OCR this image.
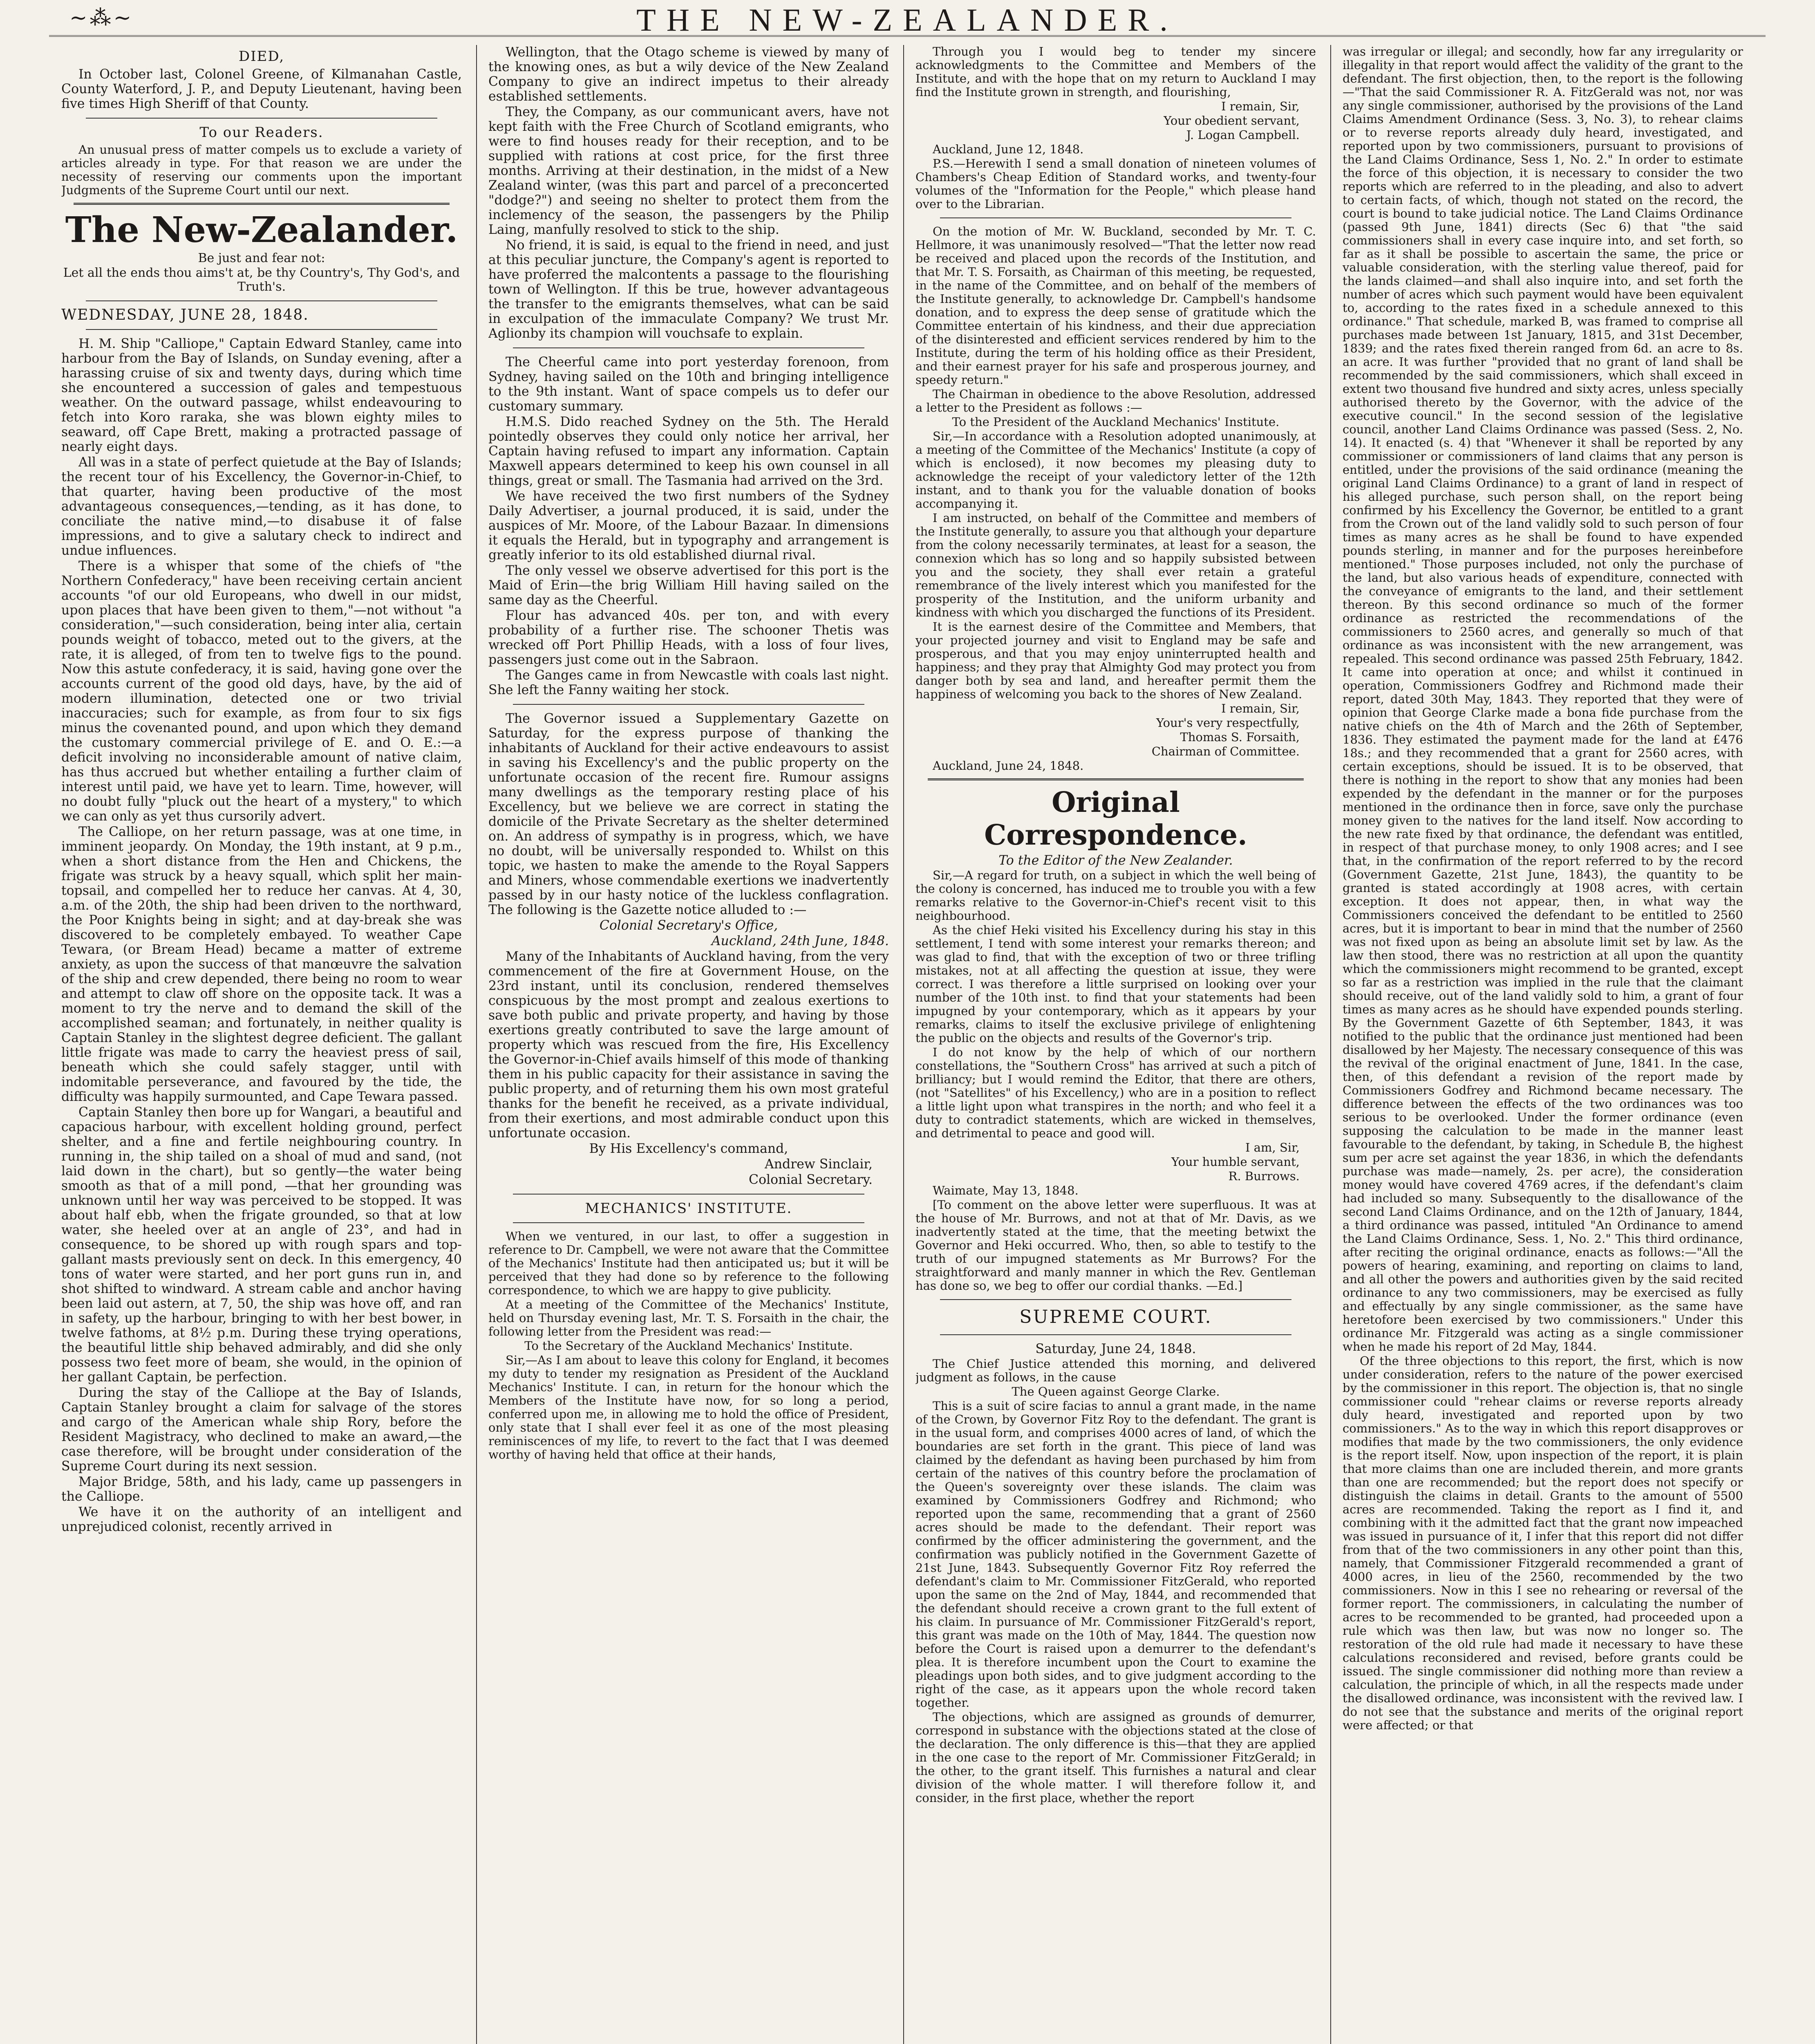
~⁂~	THE NEW-ZEALANDER.

DIED,

In October last, Colonel Greene, of Kilmanahan Castle, County Waterford, J. P., and Deputy Lieutenant, having been five times High Sheriff of that County.

To our Readers.

An unusual press of matter compels us to exclude a variety of articles already in type. For that reason we are under the necessity of reserving our comments upon the important Judgments of the Supreme Court until our next.

The New-Zealander.

Be just and fear not:

Let all the ends thou aims't at, be thy Country's, Thy God's, and Truth's.

WEDNESDAY, JUNE 28, 1848.

H. M. Ship "Calliope," Captain Edward Stanley, came into harbour from the Bay of Islands, on Sunday evening, after a harassing cruise of six and twenty days, during which time she encountered a succession of gales and tempestuous weather. On the outward passage, whilst endeavouring to fetch into Koro raraka, she was blown eighty miles to seaward, off Cape Brett, making a protracted passage of nearly eight days.

All was in a state of perfect quietude at the Bay of Islands; the recent tour of his Excellency, the Governor-in-Chief, to that quarter, having been productive of the most advantageous consequences,—tending, as it has done, to conciliate the native mind,—to disabuse it of false impressions, and to give a salutary check to indirect and undue influences.

There is a whisper that some of the chiefs of "the Northern Confederacy," have been receiving certain ancient accounts "of our old Europeans, who dwell in our midst, upon places that have been given to them,"—not without "a consideration,"—such consideration, being inter alia, certain pounds weight of tobacco, meted out to the givers, at the rate, it is alleged, of from ten to twelve figs to the pound. Now this astute confederacy, it is said, having gone over the accounts current of the good old days, have, by the aid of modern illumination, detected one or two trivial inaccuracies; such for example, as from four to six figs minus the covenanted pound, and upon which they demand the customary commercial privilege of E. and O. E.:—a deficit involving no inconsiderable amount of native claim, has thus accrued but whether entailing a further claim of interest until paid, we have yet to learn. Time, however, will no doubt fully "pluck out the heart of a mystery," to which we can only as yet thus cursorily advert.

The Calliope, on her return passage, was at one time, in imminent jeopardy. On Monday, the 19th instant, at 9 p.m., when a short distance from the Hen and Chickens, the frigate was struck by a heavy squall, which split her main-topsail, and compelled her to reduce her canvas. At 4, 30, a.m. of the 20th, the ship had been driven to the northward, the Poor Knights being in sight; and at day-break she was discovered to be completely embayed. To weather Cape Tewara, (or Bream Head) became a matter of extreme anxiety, as upon the success of that manœuvre the salvation of the ship and crew depended, there being no room to wear and attempt to claw off shore on the opposite tack. It was a moment to try the nerve and to demand the skill of the accomplished seaman; and fortunately, in neither quality is Captain Stanley in the slightest degree deficient. The gallant little frigate was made to carry the heaviest press of sail, beneath which she could safely stagger, until with indomitable perseverance, and favoured by the tide, the difficulty was happily surmounted, and Cape Tewara passed.

Captain Stanley then bore up for Wangari, a beautiful and capacious harbour, with excellent holding ground, perfect shelter, and a fine and fertile neighbouring country. In running in, the ship tailed on a shoal of mud and sand, (not laid down in the chart), but so gently—the water being smooth as that of a mill pond, —that her grounding was unknown until her way was perceived to be stopped. It was about half ebb, when the frigate grounded, so that at low water, she heeled over at an angle of 23°, and had in consequence, to be shored up with rough spars and top-gallant masts previously sent on deck. In this emergency, 40 tons of water were started, and her port guns run in, and shot shifted to windward. A stream cable and anchor having been laid out astern, at 7, 50, the ship was hove off, and ran in safety, up the harbour, bringing to with her best bower, in twelve fathoms, at 8½ p.m. During these trying operations, the beautiful little ship behaved admirably, and did she only possess two feet more of beam, she would, in the opinion of her gallant Captain, be perfection.

During the stay of the Calliope at the Bay of Islands, Captain Stanley brought a claim for salvage of the stores and cargo of the American whale ship Rory, before the Resident Magistracy, who declined to make an award,—the case therefore, will be brought under consideration of the Supreme Court during its next session.

Major Bridge, 58th, and his lady, came up passengers in the Calliope.

We have it on the authority of an intelligent and unprejudiced colonist, recently arrived in

Wellington, that the Otago scheme is viewed by many of the knowing ones, as but a wily device of the New Zealand Company to give an indirect impetus to their already established settlements.

They, the Company, as our communicant avers, have not kept faith with the Free Church of Scotland emigrants, who were to find houses ready for their reception, and to be supplied with rations at cost price, for the first three months. Arriving at their destination, in the midst of a New Zealand winter, (was this part and parcel of a preconcerted "dodge?") and seeing no shelter to protect them from the inclemency of the season, the passengers by the Philip Laing, manfully resolved to stick to the ship.

No friend, it is said, is equal to the friend in need, and just at this peculiar juncture, the Company's agent is reported to have proferred the malcontents a passage to the flourishing town of Wellington. If this be true, however advantageous the transfer to the emigrants themselves, what can be said in exculpation of the immaculate Company? We trust Mr. Aglionby its champion will vouchsafe to explain.

The Cheerful came into port yesterday forenoon, from Sydney, having sailed on the 10th and bringing intelligence to the 9th instant. Want of space compels us to defer our customary summary.

H.M.S. Dido reached Sydney on the 5th. The Herald pointedly observes they could only notice her arrival, her Captain having refused to impart any information. Captain Maxwell appears determined to keep his own counsel in all things, great or small. The Tasmania had arrived on the 3rd.

We have received the two first numbers of the Sydney Daily Advertiser, a journal produced, it is said, under the auspices of Mr. Moore, of the Labour Bazaar. In dimensions it equals the Herald, but in typography and arrangement is greatly inferior to its old established diurnal rival.

The only vessel we observe advertised for this port is the Maid of Erin—the brig William Hill having sailed on the same day as the Cheerful.

Flour has advanced 40s. per ton, and with every probability of a further rise. The schooner Thetis was wrecked off Port Phillip Heads, with a loss of four lives, passengers just come out in the Sabraon.

The Ganges came in from Newcastle with coals last night. She left the Fanny waiting her stock.

The Governor issued a Supplementary Gazette on Saturday, for the express purpose of thanking the inhabitants of Auckland for their active endeavours to assist in saving his Excellency's and the public property on the unfortunate occasion of the recent fire. Rumour assigns many dwellings as the temporary resting place of his Excellency, but we believe we are correct in stating the domicile of the Private Secretary as the shelter determined on. An address of sympathy is in progress, which, we have no doubt, will be universally responded to. Whilst on this topic, we hasten to make the amende to the Royal Sappers and Miners, whose commendable exertions we inadvertently passed by in our hasty notice of the luckless conflagration. The following is the Gazette notice alluded to :—

Colonial Secretary's Office,

Auckland, 24th June, 1848.

Many of the Inhabitants of Auckland having, from the very commencement of the fire at Government House, on the 23rd instant, until its conclusion, rendered themselves conspicuous by the most prompt and zealous exertions to save both public and private property, and having by those exertions greatly contributed to save the large amount of property which was rescued from the fire, His Excellency the Governor-in-Chief avails himself of this mode of thanking them in his public capacity for their assistance in saving the public property, and of returning them his own most grateful thanks for the benefit he received, as a private individual, from their exertions, and most admirable conduct upon this unfortunate occasion.

By His Excellency's command,

Andrew Sinclair,

Colonial Secretary.

MECHANICS' INSTITUTE.

When we ventured, in our last, to offer a suggestion in reference to Dr. Campbell, we were not aware that the Committee of the Mechanics' Institute had then anticipated us; but it will be perceived that they had done so by reference to the following correspondence, to which we are happy to give publicity.

At a meeting of the Committee of the Mechanics' Institute, held on Thursday evening last, Mr. T. S. Forsaith in the chair, the following letter from the President was read:—

To the Secretary of the Auckland Mechanics' Institute.

Sir,—As I am about to leave this colony for England, it becomes my duty to tender my resignation as President of the Auckland Mechanics' Institute. I can, in return for the honour which the Members of the Institute have now, for so long a period, conferred upon me, in allowing me to hold the office of President, only state that I shall ever feel it as one of the most pleasing reminiscences of my life, to revert to the fact that I was deemed worthy of having held that office at their hands,

Through you I would beg to tender my sincere acknowledgments to the Committee and Members of the Institute, and with the hope that on my return to Auckland I may find the Institute grown in strength, and flourishing,

I remain, Sir,

Your obedient servant,

J. Logan Campbell.

Auckland, June 12, 1848.

P.S.—Herewith I send a small donation of nineteen volumes of Chambers's Cheap Edition of Standard works, and twenty-four volumes of the "Information for the People," which please hand over to the Librarian.

On the motion of Mr. W. Buckland, seconded by Mr. T. C. Hellmore, it was unanimously resolved—"That the letter now read be received and placed upon the records of the Institution, and that Mr. T. S. Forsaith, as Chairman of this meeting, be requested, in the name of the Committee, and on behalf of the members of the Institute generally, to acknowledge Dr. Campbell's handsome donation, and to express the deep sense of gratitude which the Committee entertain of his kindness, and their due appreciation of the disinterested and efficient services rendered by him to the Institute, during the term of his holding office as their President, and their earnest prayer for his safe and prosperous journey, and speedy return."

The Chairman in obedience to the above Resolution, addressed a letter to the President as follows :—

To the President of the Auckland Mechanics' Institute.

Sir,—In accordance with a Resolution adopted unanimously, at a meeting of the Committee of the Mechanics' Institute (a copy of which is enclosed), it now becomes my pleasing duty to acknowledge the receipt of your valedictory letter of the 12th instant, and to thank you for the valuable donation of books accompanying it.

I am instructed, on behalf of the Committee and members of the Institute generally, to assure you that although your departure from the colony necessarily terminates, at least for a season, the connexion which has so long and so happily subsisted between you and the society, they shall ever retain a grateful remembrance of the lively interest which you manifested for the prosperity of the Institution, and the uniform urbanity and kindness with which you discharged the functions of its President.

It is the earnest desire of the Committee and Members, that your projected journey and visit to England may be safe and prosperous, and that you may enjoy uninterrupted health and happiness; and they pray that Almighty God may protect you from danger both by sea and land, and hereafter permit them the happiness of welcoming you back to the shores of New Zealand.

I remain, Sir,

Your's very respectfully,

Thomas S. Forsaith,

Chairman of Committee.

Auckland, June 24, 1848.

Original Correspondence.

To the Editor of the New Zealander.

Sir,—A regard for truth, on a subject in which the well being of the colony is concerned, has induced me to trouble you with a few remarks relative to the Governor-in-Chief's recent visit to this neighbourhood.

As the chief Heki visited his Excellency during his stay in this settlement, I tend with some interest your remarks thereon; and was glad to find, that with the exception of two or three trifling mistakes, not at all affecting the question at issue, they were correct. I was therefore a little surprised on looking over your number of the 10th inst. to find that your statements had been impugned by your contemporary, which as it appears by your remarks, claims to itself the exclusive privilege of enlightening the public on the objects and results of the Governor's trip.

I do not know by the help of which of our northern constellations, the "Southern Cross" has arrived at such a pitch of brilliancy; but I would remind the Editor, that there are others, (not "Satellites" of his Excellency,) who are in a position to reflect a little light upon what transpires in the north; and who feel it a duty to contradict statements, which are wicked in themselves, and detrimental to peace and good will.

I am, Sir,

Your humble servant,

R. Burrows.

Waimate, May 13, 1848.

[To comment on the above letter were superfluous. It was at the house of Mr. Burrows, and not at that of Mr. Davis, as we inadvertently stated at the time, that the meeting betwixt the Governor and Heki occurred. Who, then, so able to testify to the truth of our impugned statements as Mr Burrows? For the straightforward and manly manner in which the Rev. Gentleman has done so, we beg to offer our cordial thanks. —Ed.]

SUPREME COURT.

Saturday, June 24, 1848.

The Chief Justice attended this morning, and delivered judgment as follows, in the cause

The Queen against George Clarke.

This is a suit of scire facias to annul a grant made, in the name of the Crown, by Governor Fitz Roy to the defendant. The grant is in the usual form, and comprises 4000 acres of land, of which the boundaries are set forth in the grant. This piece of land was claimed by the defendant as having been purchased by him from certain of the natives of this country before the proclamation of the Queen's sovereignty over these islands. The claim was examined by Commissioners Godfrey and Richmond; who reported upon the same, recommending that a grant of 2560 acres should be made to the defendant. Their report was confirmed by the officer administering the government, and the confirmation was publicly notified in the Government Gazette of 21st June, 1843. Subsequently Governor Fitz Roy referred the defendant's claim to Mr. Commissioner FitzGerald, who reported upon the same on the 2nd of May, 1844, and recommended that the defendant should receive a crown grant to the full extent of his claim. In pursuance of Mr. Commissioner FitzGerald's report, this grant was made on the 10th of May, 1844. The question now before the Court is raised upon a demurrer to the defendant's plea. It is therefore incumbent upon the Court to examine the pleadings upon both sides, and to give judgment according to the right of the case, as it appears upon the whole record taken together.

The objections, which are assigned as grounds of demurrer, correspond in substance with the objections stated at the close of the declaration. The only difference is this—that they are applied in the one case to the report of Mr. Commissioner FitzGerald; in the other, to the grant itself. This furnishes a natural and clear division of the whole matter. I will therefore follow it, and consider, in the first place, whether the report

was irregular or illegal; and secondly, how far any irregularity or illegality in that report would affect the validity of the grant to the defendant. The first objection, then, to the report is the following—"That the said Commissioner R. A. FitzGerald was not, nor was any single commissioner, authorised by the provisions of the Land Claims Amendment Ordinance (Sess. 3, No. 3), to rehear claims or to reverse reports already duly heard, investigated, and reported upon by two commissioners, pursuant to provisions of the Land Claims Ordinance, Sess 1, No. 2." In order to estimate the force of this objection, it is necessary to consider the two reports which are referred to in the pleading, and also to advert to certain facts, of which, though not stated on the record, the court is bound to take judicial notice. The Land Claims Ordinance (passed 9th June, 1841) directs (Sec 6) that "the said commissioners shall in every case inquire into, and set forth, so far as it shall be possible to ascertain the same, the price or valuable consideration, with the sterling value thereof, paid for the lands claimed—and shall also inquire into, and set forth the number of acres which such payment would have been equivalent to, according to the rates fixed in a schedule annexed to this ordinance." That schedule, marked B, was framed to comprise all purchases made between 1st January, 1815, and 31st December, 1839; and the rates fixed therein ranged from 6d. an acre to 8s. an acre. It was further "provided that no grant of land shall be recommended by the said commissioners, which shall exceed in extent two thousand five hundred and sixty acres, unless specially authorised thereto by the Governor, with the advice of the executive council." In the second session of the legislative council, another Land Claims Ordinance was passed (Sess. 2, No. 14). It enacted (s. 4) that "Whenever it shall be reported by any commissioner or commissioners of land claims that any person is entitled, under the provisions of the said ordinance (meaning the original Land Claims Ordinance) to a grant of land in respect of his alleged purchase, such person shall, on the report being confirmed by his Excellency the Governor, be entitled to a grant from the Crown out of the land validly sold to such person of four times as many acres as he shall be found to have expended pounds sterling, in manner and for the purposes hereinbefore mentioned." Those purposes included, not only the purchase of the land, but also various heads of expenditure, connected with the conveyance of emigrants to the land, and their settlement thereon. By this second ordinance so much of the former ordinance as restricted the recommendations of the commissioners to 2560 acres, and generally so much of that ordinance as was inconsistent with the new arrangement, was repealed. This second ordinance was passed 25th February, 1842. It came into operation at once; and whilst it continued in operation, Commissioners Godfrey and Richmond made their report, dated 30th May, 1843. They reported that they were of opinion that George Clarke made a bona fide purchase from the native chiefs on the 4th of March and the 26th of September, 1836. They estimated the payment made for the land at £476 18s.; and they recommended that a grant for 2560 acres, with certain exceptions, should be issued. It is to be observed, that there is nothing in the report to show that any monies had been expended by the defendant in the manner or for the purposes mentioned in the ordinance then in force, save only the purchase money given to the natives for the land itself. Now according to the new rate fixed by that ordinance, the defendant was entitled, in respect of that purchase money, to only 1908 acres; and I see that, in the confirmation of the report referred to by the record (Government Gazette, 21st June, 1843), the quantity to be granted is stated accordingly at 1908 acres, with certain exception. It does not appear, then, in what way the Commissioners conceived the defendant to be entitled to 2560 acres, but it is important to bear in mind that the number of 2560 was not fixed upon as being an absolute limit set by law. As the law then stood, there was no restriction at all upon the quantity which the commissioners might recommend to be granted, except so far as a restriction was implied in the rule that the claimant should receive, out of the land validly sold to him, a grant of four times as many acres as he should have expended pounds sterling. By the Government Gazette of 6th September, 1843, it was notified to the public that the ordinance just mentioned had been disallowed by her Majesty. The necessary consequence of this was the revival of the original enactment of June, 1841. In the case, then, of this defendant a revision of the report made by Commissioners Godfrey and Richmond became necessary. The difference between the effects of the two ordinances was too serious to be overlooked. Under the former ordinance (even supposing the calculation to be made in the manner least favourable to the defendant, by taking, in Schedule B, the highest sum per acre set against the year 1836, in which the defendants purchase was made—namely, 2s. per acre), the consideration money would have covered 4769 acres, if the defendant's claim had included so many. Subsequently to the disallowance of the second Land Claims Ordinance, and on the 12th of January, 1844, a third ordinance was passed, intituled "An Ordinance to amend the Land Claims Ordinance, Sess. 1, No. 2." This third ordinance, after reciting the original ordinance, enacts as follows:—"All the powers of hearing, examining, and reporting on claims to land, and all other the powers and authorities given by the said recited ordinance to any two commissioners, may be exercised as fully and effectually by any single commissioner, as the same have heretofore been exercised by two commissioners." Under this ordinance Mr. Fitzgerald was acting as a single commissioner when he made his report of 2d May, 1844.

Of the three objections to this report, the first, which is now under consideration, refers to the nature of the power exercised by the commissioner in this report. The objection is, that no single commissioner could "rehear claims or reverse reports already duly heard, investigated and reported upon by two commissioners." As to the way in which this report disapproves or modifies that made by the two commissioners, the only evidence is the report itself. Now, upon inspection of the report, it is plain that more claims than one are included therein, and more grants than one are recommended; but the report does not specify or distinguish the claims in detail. Grants to the amount of 5500 acres are recommended. Taking the report as I find it, and combining with it the admitted fact that the grant now impeached was issued in pursuance of it, I infer that this report did not differ from that of the two commissioners in any other point than this, namely, that Commissioner Fitzgerald recommended a grant of 4000 acres, in lieu of the 2560, recommended by the two commissioners. Now in this I see no rehearing or reversal of the former report. The commissioners, in calculating the number of acres to be recommended to be granted, had proceeded upon a rule which was then law, but was now no longer so. The restoration of the old rule had made it necessary to have these calculations reconsidered and revised, before grants could be issued. The single commissioner did nothing more than review a calculation, the principle of which, in all the respects made under the disallowed ordinance, was inconsistent with the revived law. I do not see that the substance and merits of the original report were affected; or that
